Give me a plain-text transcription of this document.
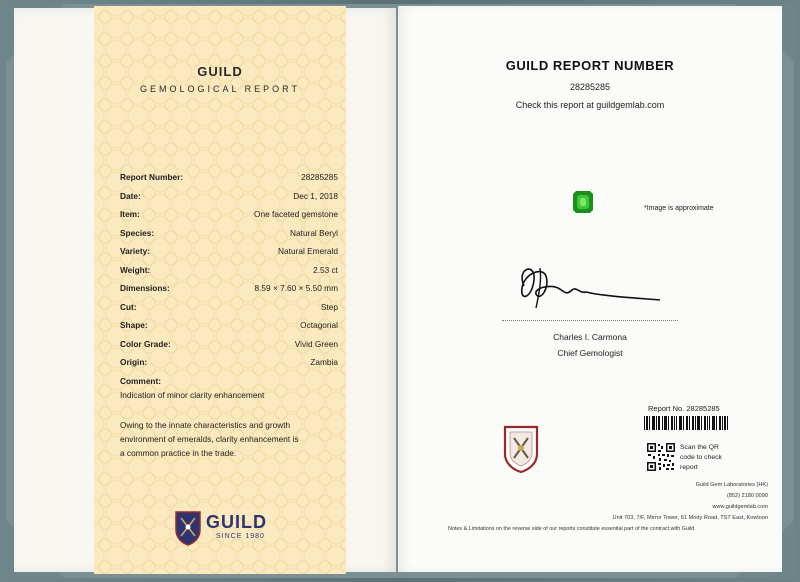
GUILD REPORT NUMBER
28285285
Check this report at guildgemlab.com
*Image is approximate
Charles I. Carmona
Chief Gemologist
Report No. 28285285
Scan the QR
code to check
report
Guild Gem Laboratories (HK)
(852) 2180 0090
www.guildgemlab.com
Unit 703, 7/F, Mirror Tower, 61 Mody Road, TST East, Kowloon
Notes & Limitations on the reverse side of our reports constitute essential part of the contract with Guild
GUILD
GEMOLOGICAL REPORT
Report Number:	28285285
Date:	Dec 1, 2018
Item:	One faceted gemstone
Species:	Natural Beryl
Variety:	Natural Emerald
Weight:	2.53 ct
Dimensions:	8.59 × 7.60 × 5.50 mm
Cut:	Step
Shape:	Octagonal
Color Grade:	Vivid Green
Origin:	Zambia
Comment:
Indication of minor clarity enhancement
Owing to the innate characteristics and growth
environment of emeralds, clarity enhancement is
a common practice in the trade.
GUILD
SINCE 1980
